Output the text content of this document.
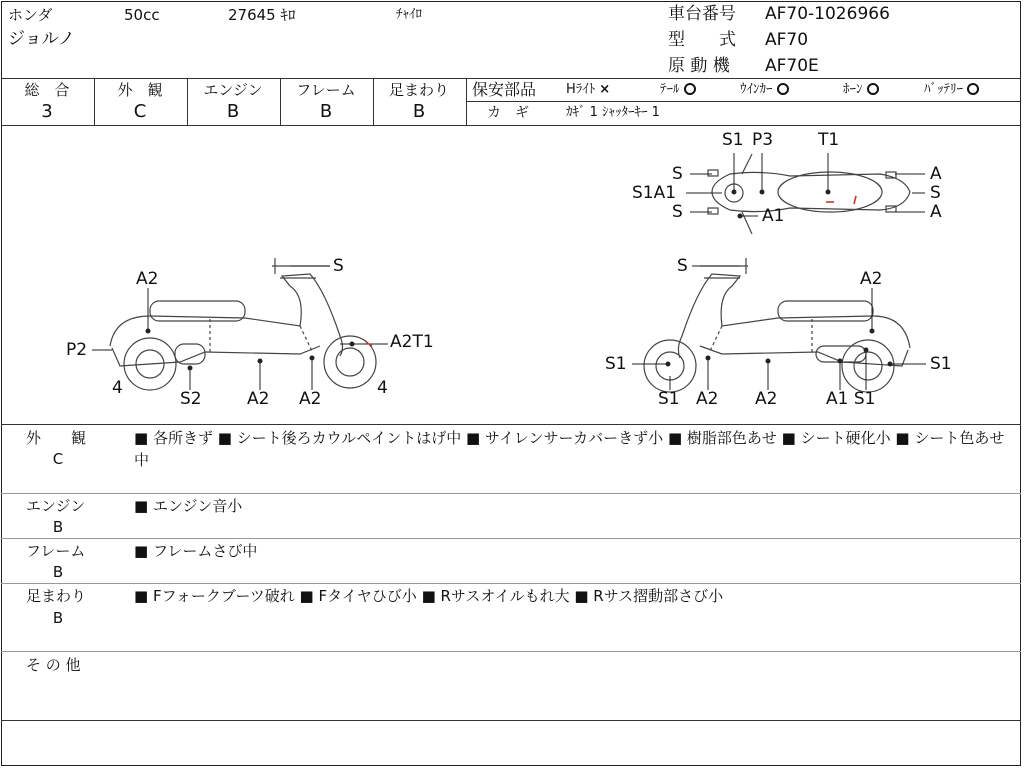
ホンダ	50cc	27645 ｷﾛ	ﾁｬｲﾛ
ジョルノ
車台番号 AF70-1026966
型　　式 AF70
原 動 機 AF70E
総　合	外　観	エンジン	フレーム	足まわり
3	C	B	B	B
保安部品 Hﾗｲﾄ ×	ﾃｰﾙ	ｳｲﾝｶｰ	ﾎｰﾝ	ﾊﾞｯﾃﾘｰ
カ　ギ	ｶｷﾞ 1 ｼｬｯﾀｰｷｰ 1
S1 P3	T1
S
S1A1
S	A1
A
S
A
S
A2
P2	A2T1
4	4
S2	A2 A2
S
A2
S1	S1
S1 A2 A2	A1 S1
外　　観
C
■ 各所きず ■ シート後ろカウルペイントはげ中 ■ サイレンサーカバーきず小 ■ 樹脂部色あせ ■ シート硬化小 ■ シート色あせ中
エンジン
B
■ エンジン音小
フレーム
B
■ フレームさび中
足まわり
B
■ Fフォークブーツ破れ ■ Fタイヤひび小 ■ Rサスオイルもれ大 ■ Rサス摺動部さび小
そ の 他
